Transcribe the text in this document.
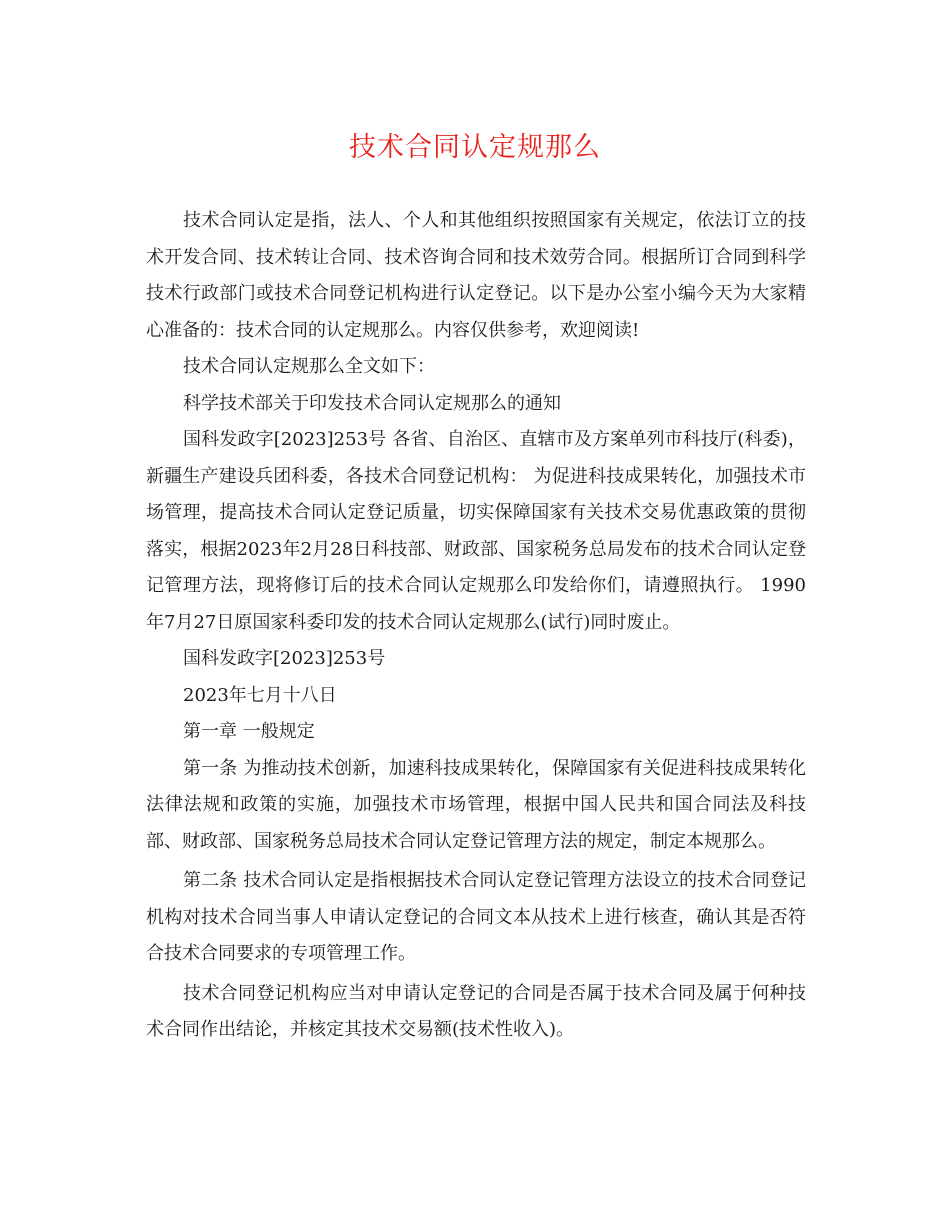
技术合同认定规那么

技术合同认定是指，法人、个人和其他组织按照国家有关规定，依法订立的技术开发合同、技术转让合同、技术咨询合同和技术效劳合同。根据所订合同到科学技术行政部门或技术合同登记机构进行认定登记。以下是办公室小编今天为大家精心准备的：技术合同的认定规那么。内容仅供参考，欢迎阅读!

技术合同认定规那么全文如下：

科学技术部关于印发技术合同认定规那么的通知

国科发政字[2023]253号 各省、自治区、直辖市及方案单列市科技厅(科委)，新疆生产建设兵团科委，各技术合同登记机构： 为促进科技成果转化，加强技术市场管理，提高技术合同认定登记质量，切实保障国家有关技术交易优惠政策的贯彻落实，根据2023年2月28日科技部、财政部、国家税务总局发布的技术合同认定登记管理方法，现将修订后的技术合同认定规那么印发给你们，请遵照执行。 1990年7月27日原国家科委印发的技术合同认定规那么(试行)同时废止。

国科发政字[2023]253号

2023年七月十八日

第一章 一般规定

第一条 为推动技术创新，加速科技成果转化，保障国家有关促进科技成果转化法律法规和政策的实施，加强技术市场管理，根据中国人民共和国合同法及科技部、财政部、国家税务总局技术合同认定登记管理方法的规定，制定本规那么。

第二条 技术合同认定是指根据技术合同认定登记管理方法设立的技术合同登记机构对技术合同当事人申请认定登记的合同文本从技术上进行核查，确认其是否符合技术合同要求的专项管理工作。

技术合同登记机构应当对申请认定登记的合同是否属于技术合同及属于何种技术合同作出结论，并核定其技术交易额(技术性收入)。
